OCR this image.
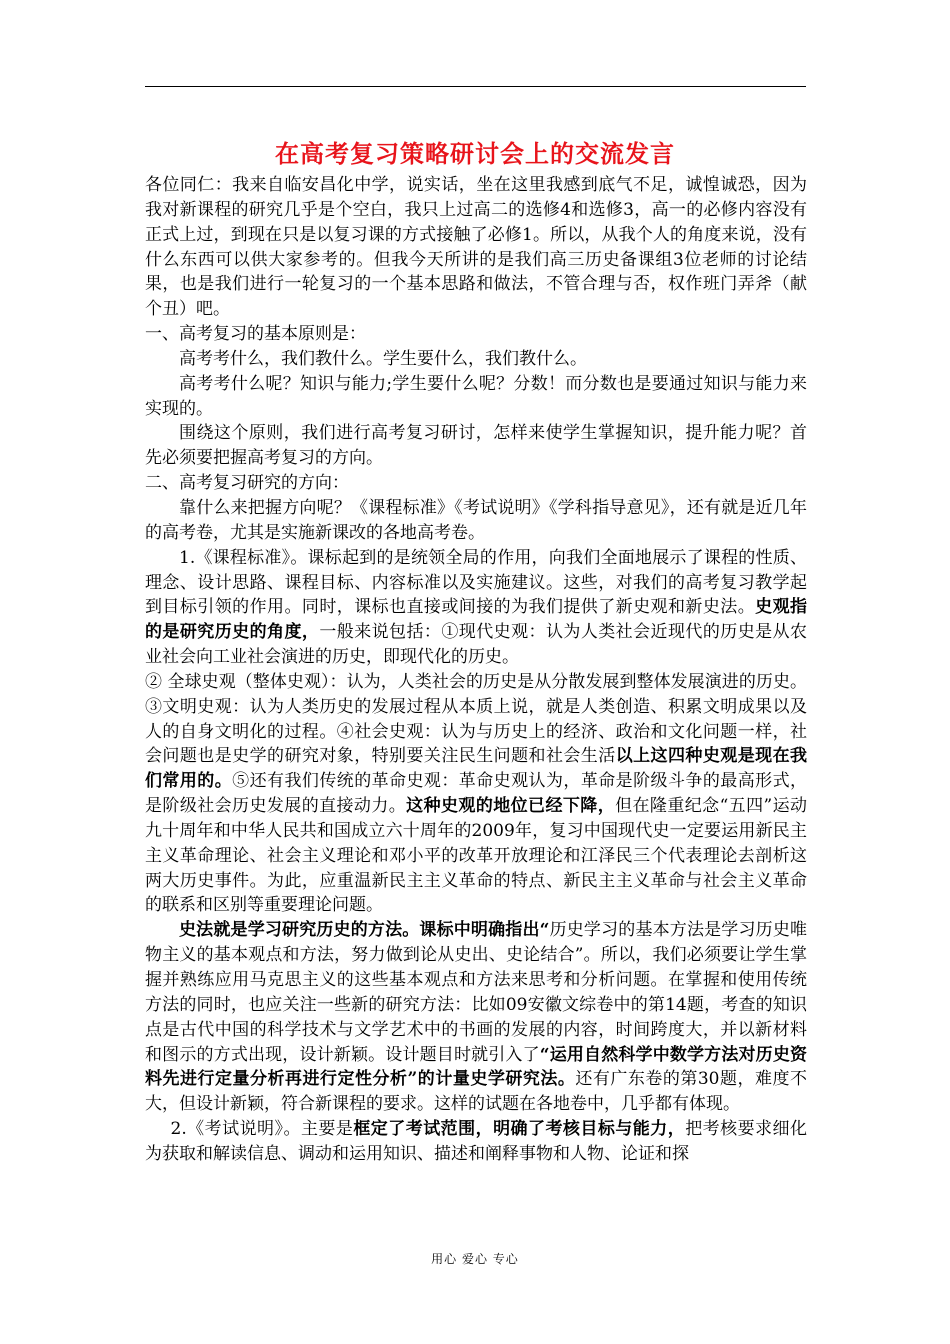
在高考复习策略研讨会上的交流发言

各位同仁：我来自临安昌化中学，说实话，坐在这里我感到底气不足，诚惶诚恐，因为我对新课程的研究几乎是个空白，我只上过高二的选修4和选修3，高一的必修内容没有正式上过，到现在只是以复习课的方式接触了必修1。所以，从我个人的角度来说，没有什么东西可以供大家参考的。但我今天所讲的是我们高三历史备课组3位老师的讨论结果，也是我们进行一轮复习的一个基本思路和做法，不管合理与否，权作班门弄斧（献个丑）吧。

一、高考复习的基本原则是：

高考考什么，我们教什么。学生要什么，我们教什么。

高考考什么呢？知识与能力;学生要什么呢？分数！而分数也是要通过知识与能力来实现的。

围绕这个原则，我们进行高考复习研讨，怎样来使学生掌握知识，提升能力呢？首先必须要把握高考复习的方向。

二、高考复习研究的方向：

靠什么来把握方向呢？《课程标准》《考试说明》《学科指导意见》，还有就是近几年的高考卷，尤其是实施新课改的各地高考卷。

1.《课程标准》。课标起到的是统领全局的作用，向我们全面地展示了课程的性质、理念、设计思路、课程目标、内容标准以及实施建议。这些，对我们的高考复习教学起到目标引领的作用。同时，课标也直接或间接的为我们提供了新史观和新史法。史观指的是研究历史的角度，一般来说包括：①现代史观：认为人类社会近现代的历史是从农业社会向工业社会演进的历史，即现代化的历史。

② 全球史观（整体史观）：认为，人类社会的历史是从分散发展到整体发展演进的历史。③文明史观：认为人类历史的发展过程从本质上说，就是人类创造、积累文明成果以及人的自身文明化的过程。④社会史观：认为与历史上的经济、政治和文化问题一样，社会问题也是史学的研究对象，特别要关注民生问题和社会生活以上这四种史观是现在我们常用的。⑤还有我们传统的革命史观：革命史观认为，革命是阶级斗争的最高形式，是阶级社会历史发展的直接动力。这种史观的地位已经下降，但在隆重纪念“五四”运动九十周年和中华人民共和国成立六十周年的2009年，复习中国现代史一定要运用新民主主义革命理论、社会主义理论和邓小平的改革开放理论和江泽民三个代表理论去剖析这两大历史事件。为此，应重温新民主主义革命的特点、新民主主义革命与社会主义革命的联系和区别等重要理论问题。

史法就是学习研究历史的方法。课标中明确指出“历史学习的基本方法是学习历史唯物主义的基本观点和方法，努力做到论从史出、史论结合”。所以，我们必须要让学生掌握并熟练应用马克思主义的这些基本观点和方法来思考和分析问题。在掌握和使用传统方法的同时，也应关注一些新的研究方法：比如09安徽文综卷中的第14题，考查的知识点是古代中国的科学技术与文学艺术中的书画的发展的内容，时间跨度大，并以新材料和图示的方式出现，设计新颖。设计题目时就引入了“运用自然科学中数学方法对历史资料先进行定量分析再进行定性分析”的计量史学研究法。还有广东卷的第30题，难度不大，但设计新颖，符合新课程的要求。这样的试题在各地卷中，几乎都有体现。

2.《考试说明》。主要是框定了考试范围，明确了考核目标与能力，把考核要求细化为获取和解读信息、调动和运用知识、描述和阐释事物和人物、论证和探

用心 爱心 专心
